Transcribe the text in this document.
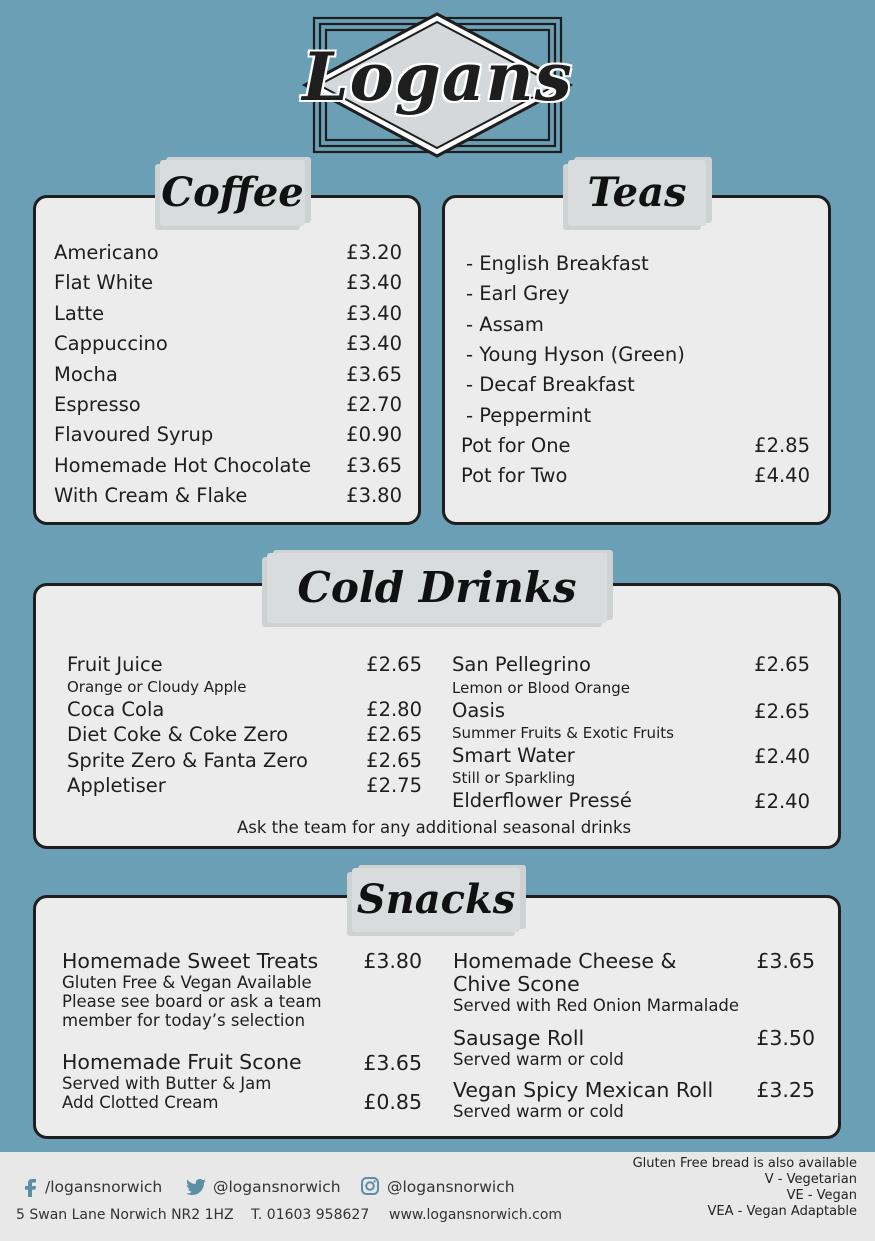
Logans
Coffee
Americano	£3.20
Flat White	£3.40
Latte	£3.40
Cappuccino	£3.40
Mocha	£3.65
Espresso	£2.70
Flavoured Syrup	£0.90
Homemade Hot Chocolate	£3.65
With Cream & Flake	£3.80
Teas
- English Breakfast
- Earl Grey
- Assam
- Young Hyson (Green)
- Decaf Breakfast
- Peppermint
Pot for One	£2.85
Pot for Two	£4.40
Cold Drinks
Fruit Juice	£2.65
Orange or Cloudy Apple
Coca Cola	£2.80
Diet Coke & Coke Zero	£2.65
Sprite Zero & Fanta Zero	£2.65
Appletiser	£2.75
San Pellegrino	£2.65
Lemon or Blood Orange
Oasis	£2.65
Summer Fruits & Exotic Fruits
Smart Water	£2.40
Still or Sparkling
Elderflower Pressé	£2.40
Ask the team for any additional seasonal drinks
Snacks
Homemade Sweet Treats	£3.80
Gluten Free & Vegan Available
Please see board or ask a team
member for today’s selection
Homemade Fruit Scone	£3.65
Served with Butter & Jam
Add Clotted Cream	£0.85
Homemade Cheese &
Chive Scone
£3.65
Served with Red Onion Marmalade
Sausage Roll	£3.50
Served warm or cold
Vegan Spicy Mexican Roll	£3.25
Served warm or cold
/logansnorwich	@logansnorwich	@logansnorwich
5 Swan Lane Norwich NR2 1HZ T. 01603 958627 www.logansnorwich.com
Gluten Free bread is also available
V - Vegetarian
VE - Vegan
VEA - Vegan Adaptable
